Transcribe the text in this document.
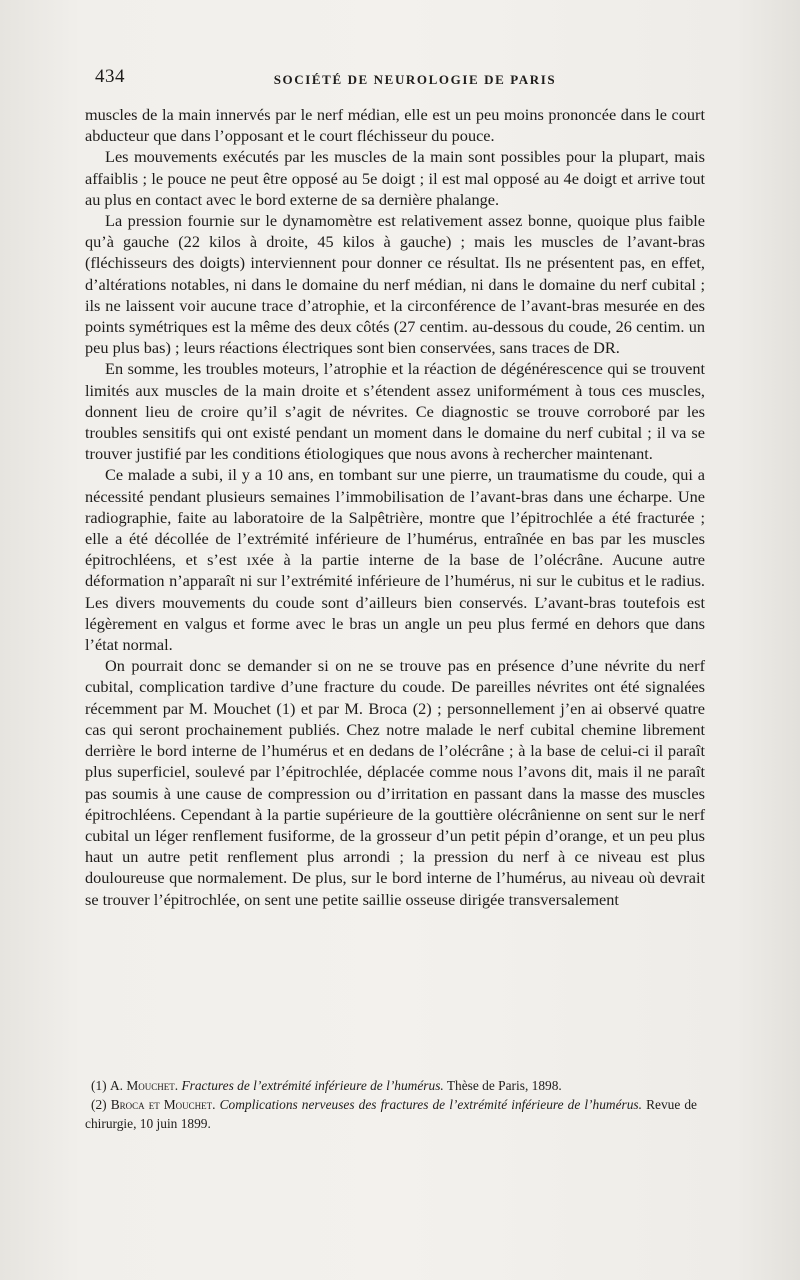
434	SOCIÉTÉ DE NEUROLOGIE DE PARIS

muscles de la main innervés par le nerf médian, elle est un peu moins prononcée dans le court abducteur que dans l’opposant et le court fléchisseur du pouce.

Les mouvements exécutés par les muscles de la main sont possibles pour la plupart, mais affaiblis ; le pouce ne peut être opposé au 5e doigt ; il est mal opposé au 4e doigt et arrive tout au plus en contact avec le bord externe de sa dernière phalange.

La pression fournie sur le dynamomètre est relativement assez bonne, quoique plus faible qu’à gauche (22 kilos à droite, 45 kilos à gauche) ; mais les muscles de l’avant-bras (fléchisseurs des doigts) interviennent pour donner ce résultat. Ils ne présentent pas, en effet, d’altérations notables, ni dans le domaine du nerf médian, ni dans le domaine du nerf cubital ; ils ne laissent voir aucune trace d’atrophie, et la circonférence de l’avant-bras mesurée en des points symétriques est la même des deux côtés (27 centim. au-dessous du coude, 26 centim. un peu plus bas) ; leurs réactions électriques sont bien conservées, sans traces de DR.

En somme, les troubles moteurs, l’atrophie et la réaction de dégénérescence qui se trouvent limités aux muscles de la main droite et s’étendent assez uniformément à tous ces muscles, donnent lieu de croire qu’il s’agit de névrites. Ce diagnostic se trouve corroboré par les troubles sensitifs qui ont existé pendant un moment dans le domaine du nerf cubital ; il va se trouver justifié par les conditions étiologiques que nous avons à rechercher maintenant.

Ce malade a subi, il y a 10 ans, en tombant sur une pierre, un traumatisme du coude, qui a nécessité pendant plusieurs semaines l’immobilisation de l’avant-bras dans une écharpe. Une radiographie, faite au laboratoire de la Salpêtrière, montre que l’épitrochlée a été fracturée ; elle a été décollée de l’extrémité inférieure de l’humérus, entraînée en bas par les muscles épitrochléens, et s’est ıxée à la partie interne de la base de l’olécrâne. Aucune autre déformation n’apparaît ni sur l’extrémité inférieure de l’humérus, ni sur le cubitus et le radius. Les divers mouvements du coude sont d’ailleurs bien conservés. L’avant-bras toutefois est légèrement en valgus et forme avec le bras un angle un peu plus fermé en dehors que dans l’état normal.

On pourrait donc se demander si on ne se trouve pas en présence d’une névrite du nerf cubital, complication tardive d’une fracture du coude. De pareilles névrites ont été signalées récemment par M. Mouchet (1) et par M. Broca (2) ; personnellement j’en ai observé quatre cas qui seront prochainement publiés. Chez notre malade le nerf cubital chemine librement derrière le bord interne de l’humérus et en dedans de l’olécrâne ; à la base de celui-ci il paraît plus superficiel, soulevé par l’épitrochlée, déplacée comme nous l’avons dit, mais il ne paraît pas soumis à une cause de compression ou d’irritation en passant dans la masse des muscles épitrochléens. Cependant à la partie supérieure de la gouttière olécrânienne on sent sur le nerf cubital un léger renflement fusiforme, de la grosseur d’un petit pépin d’orange, et un peu plus haut un autre petit renflement plus arrondi ; la pression du nerf à ce niveau est plus douloureuse que normalement. De plus, sur le bord interne de l’humérus, au niveau où devrait se trouver l’épitrochlée, on sent une petite saillie osseuse dirigée transversalement

(1) A. Mouchet. Fractures de l’extrémité inférieure de l’humérus. Thèse de Paris, 1898.

(2) Broca et Mouchet. Complications nerveuses des fractures de l’extrémité inférieure de l’humérus. Revue de chirurgie, 10 juin 1899.
